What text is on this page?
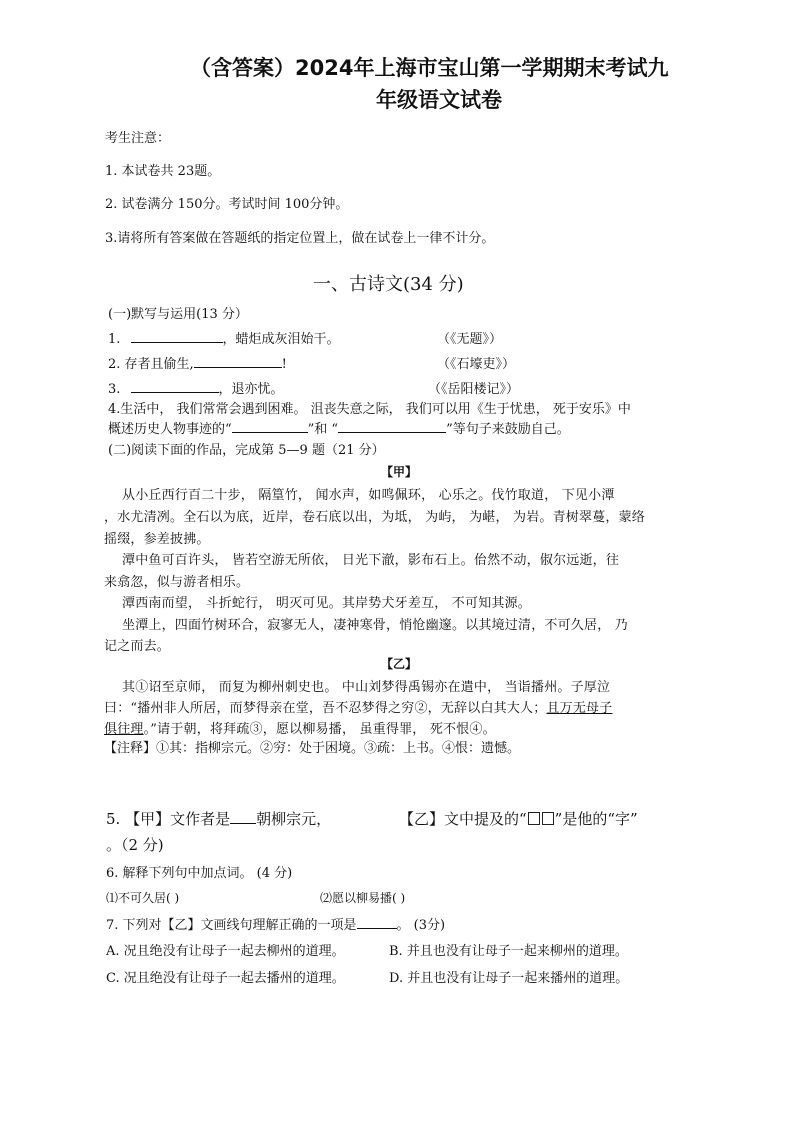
（含答案）2024年上海市宝山第一学期期末考试九
年级语文试卷
考生注意：
1. 本试卷共 23题。
2. 试卷满分 150分。考试时间 100分钟。
3.请将所有答案做在答题纸的指定位置上，做在试卷上一律不计分。
一、古诗文(34 分)
(一)默写与运用(13 分）
1.	，蜡炬成灰泪始干。	（《无题》）
2. 存者且偷生,	!	（《石壕吏》）
3.	，退亦忧。	（《岳阳楼记》）
4.生活中， 我们常常会遇到困难。 沮丧失意之际， 我们可以用《生于忧患， 死于安乐》中
概述历史人物事迹的“	”和 “	”等句子来鼓励自己。
(二)阅读下面的作品，完成第 5—9 题（21 分）
【甲】
从小丘西行百二十步， 隔篁竹， 闻水声，如鸣佩环， 心乐之。伐竹取道， 下见小潭
，水尤清冽。全石以为底，近岸，卷石底以出，为坻， 为屿， 为嵁， 为岩。青树翠蔓，蒙络
摇缀，参差披拂。
潭中鱼可百许头， 皆若空游无所依， 日光下澈，影布石上。佁然不动，俶尔远逝，往
来翕忽，似与游者相乐。
潭西南而望， 斗折蛇行， 明灭可见。其岸势犬牙差互， 不可知其源。
坐潭上，四面竹树环合，寂寥无人，凄神寒骨，悄怆幽邃。以其境过清，不可久居， 乃
记之而去。
【乙】
其①诏至京师， 而复为柳州刺史也。 中山刘梦得禹锡亦在遣中， 当诣播州。子厚泣
曰：“播州非人所居，而梦得亲在堂，吾不忍梦得之穷②，无辞以白其大人；且万无母子
俱往理。”请于朝，将拜疏③，愿以柳易播， 虽重得罪， 死不恨④。
【注释】①其：指柳宗元。②穷：处于困境。③疏：上书。④恨：遗憾。
5. 【甲】文作者是 朝柳宗元，	【乙】文中提及的“ ”是他的“字”
。（2 分)
6. 解释下列句中加点词。 (4 分)
⑴不可久居( )	⑵愿以柳易播( )
7. 下列对【乙】文画线句理解正确的一项是	。 (3分)
A. 况且绝没有让母子一起去柳州的道理。	B. 并且也没有让母子一起来柳州的道理。
C. 况且绝没有让母子一起去播州的道理。	D. 并且也没有让母子一起来播州的道理。
